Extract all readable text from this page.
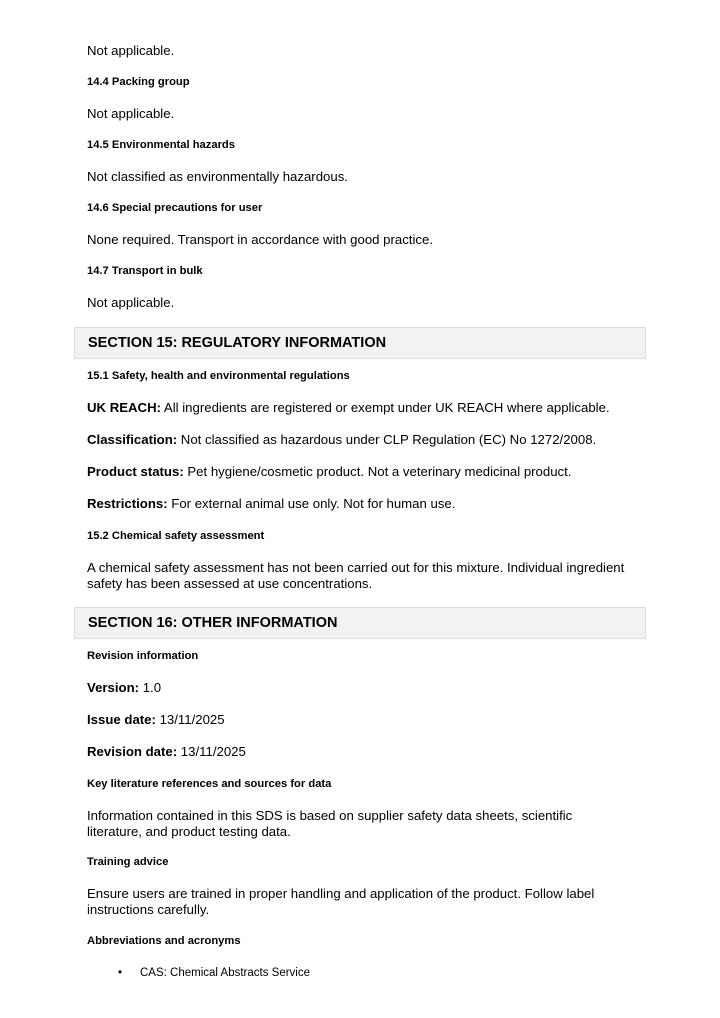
Not applicable.
14.4 Packing group
Not applicable.
14.5 Environmental hazards
Not classified as environmentally hazardous.
14.6 Special precautions for user
None required. Transport in accordance with good practice.
14.7 Transport in bulk
Not applicable.
SECTION 15: REGULATORY INFORMATION
15.1 Safety, health and environmental regulations
UK REACH: All ingredients are registered or exempt under UK REACH where applicable.
Classification: Not classified as hazardous under CLP Regulation (EC) No 1272/2008.
Product status: Pet hygiene/cosmetic product. Not a veterinary medicinal product.
Restrictions: For external animal use only. Not for human use.
15.2 Chemical safety assessment
A chemical safety assessment has not been carried out for this mixture. Individual ingredient safety has been assessed at use concentrations.
SECTION 16: OTHER INFORMATION
Revision information
Version: 1.0
Issue date: 13/11/2025
Revision date: 13/11/2025
Key literature references and sources for data
Information contained in this SDS is based on supplier safety data sheets, scientific literature, and product testing data.
Training advice
Ensure users are trained in proper handling and application of the product. Follow label instructions carefully.
Abbreviations and acronyms
• CAS: Chemical Abstracts Service
